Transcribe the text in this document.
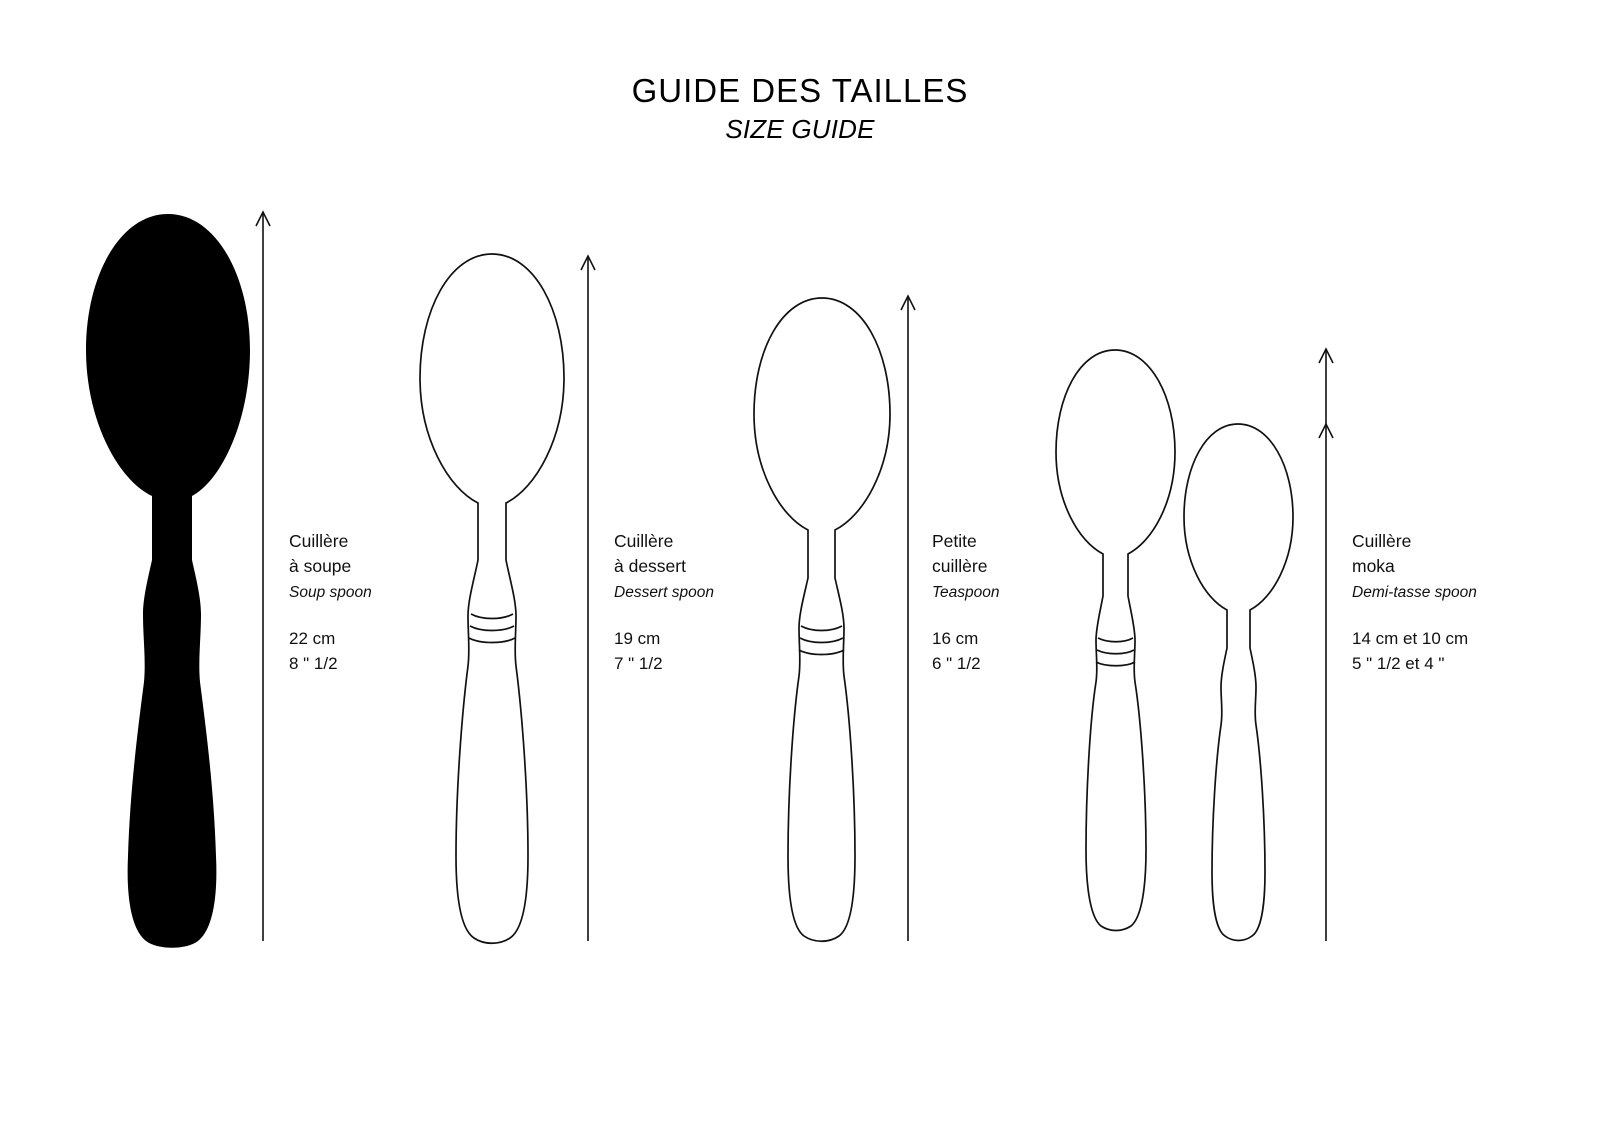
GUIDE DES TAILLES
SIZE GUIDE
Cuillère
à soupe
Soup spoon
22 cm
8 " 1/2
Cuillère
à dessert
Dessert spoon
19 cm
7 " 1/2
Petite
cuillère
Teaspoon
16 cm
6 " 1/2
Cuillère
moka
Demi-tasse spoon
14 cm et 10 cm
5 " 1/2 et 4 "
